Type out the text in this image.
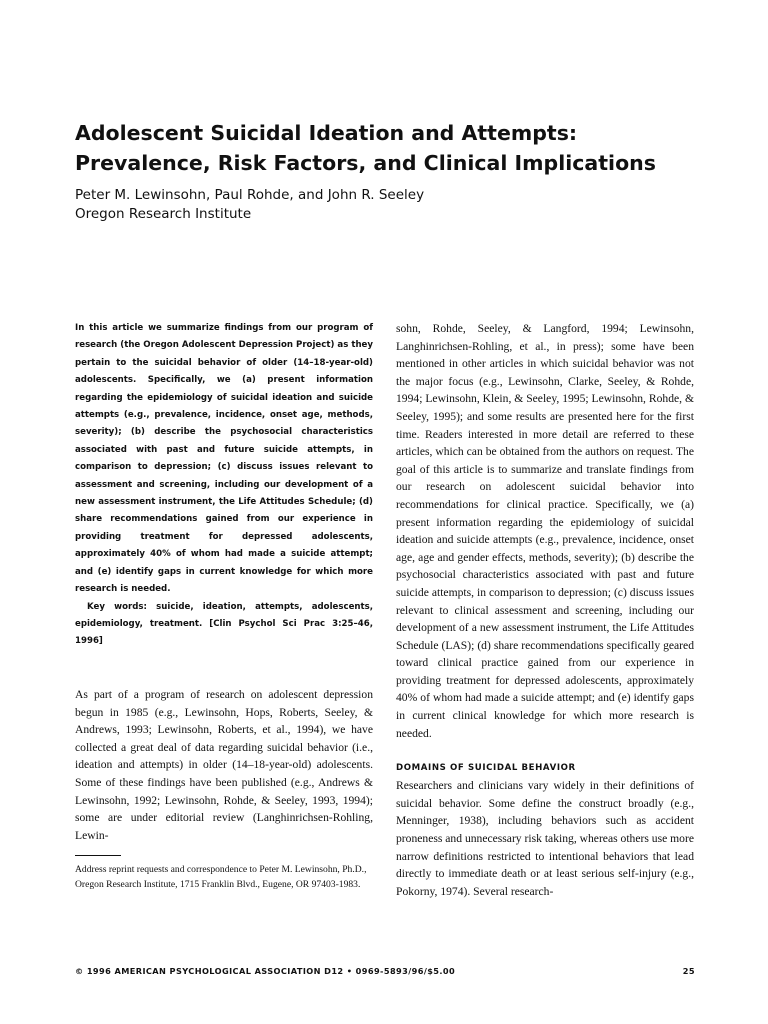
Adolescent Suicidal Ideation and Attempts: Prevalence, Risk Factors, and Clinical Implications
Peter M. Lewinsohn, Paul Rohde, and John R. Seeley
Oregon Research Institute

In this article we summarize findings from our program of research (the Oregon Adolescent Depression Project) as they pertain to the suicidal behavior of older (14–18-year-old) adolescents. Specifically, we (a) present information regarding the epidemiology of suicidal ideation and suicide attempts (e.g., prevalence, incidence, onset age, methods, severity); (b) describe the psychosocial characteristics associated with past and future suicide attempts, in comparison to depression; (c) discuss issues relevant to assessment and screening, including our development of a new assessment instrument, the Life Attitudes Schedule; (d) share recommendations gained from our experience in providing treatment for depressed adolescents, approximately 40% of whom had made a suicide attempt; and (e) identify gaps in current knowledge for which more research is needed.

Key words: suicide, ideation, attempts, adolescents, epidemiology, treatment. [Clin Psychol Sci Prac 3:25–46, 1996]

As part of a program of research on adolescent depression begun in 1985 (e.g., Lewinsohn, Hops, Roberts, Seeley, & Andrews, 1993; Lewinsohn, Roberts, et al., 1994), we have collected a great deal of data regarding suicidal behavior (i.e., ideation and attempts) in older (14–18-year-old) adolescents. Some of these findings have been published (e.g., Andrews & Lewinsohn, 1992; Lewinsohn, Rohde, & Seeley, 1993, 1994); some are under editorial review (Langhinrichsen-Rohling, Lewin-

Address reprint requests and correspondence to Peter M. Lewinsohn, Ph.D., Oregon Research Institute, 1715 Franklin Blvd., Eugene, OR 97403-1983.

sohn, Rohde, Seeley, & Langford, 1994; Lewinsohn, Langhinrichsen-Rohling, et al., in press); some have been mentioned in other articles in which suicidal behavior was not the major focus (e.g., Lewinsohn, Clarke, Seeley, & Rohde, 1994; Lewinsohn, Klein, & Seeley, 1995; Lewinsohn, Rohde, & Seeley, 1995); and some results are presented here for the first time. Readers interested in more detail are referred to these articles, which can be obtained from the authors on request. The goal of this article is to summarize and translate findings from our research on adolescent suicidal behavior into recommendations for clinical practice. Specifically, we (a) present information regarding the epidemiology of suicidal ideation and suicide attempts (e.g., prevalence, incidence, onset age, age and gender effects, methods, severity); (b) describe the psychosocial characteristics associated with past and future suicide attempts, in comparison to depression; (c) discuss issues relevant to clinical assessment and screening, including our development of a new assessment instrument, the Life Attitudes Schedule (LAS); (d) share recommendations specifically geared toward clinical practice gained from our experience in providing treatment for depressed adolescents, approximately 40% of whom had made a suicide attempt; and (e) identify gaps in current clinical knowledge for which more research is needed.

DOMAINS OF SUICIDAL BEHAVIOR

Researchers and clinicians vary widely in their definitions of suicidal behavior. Some define the construct broadly (e.g., Menninger, 1938), including behaviors such as accident proneness and unnecessary risk taking, whereas others use more narrow definitions restricted to intentional behaviors that lead directly to immediate death or at least serious self-injury (e.g., Pokorny, 1974). Several research-

© 1996 AMERICAN PSYCHOLOGICAL ASSOCIATION D12 • 0969-5893/96/$5.00	25
